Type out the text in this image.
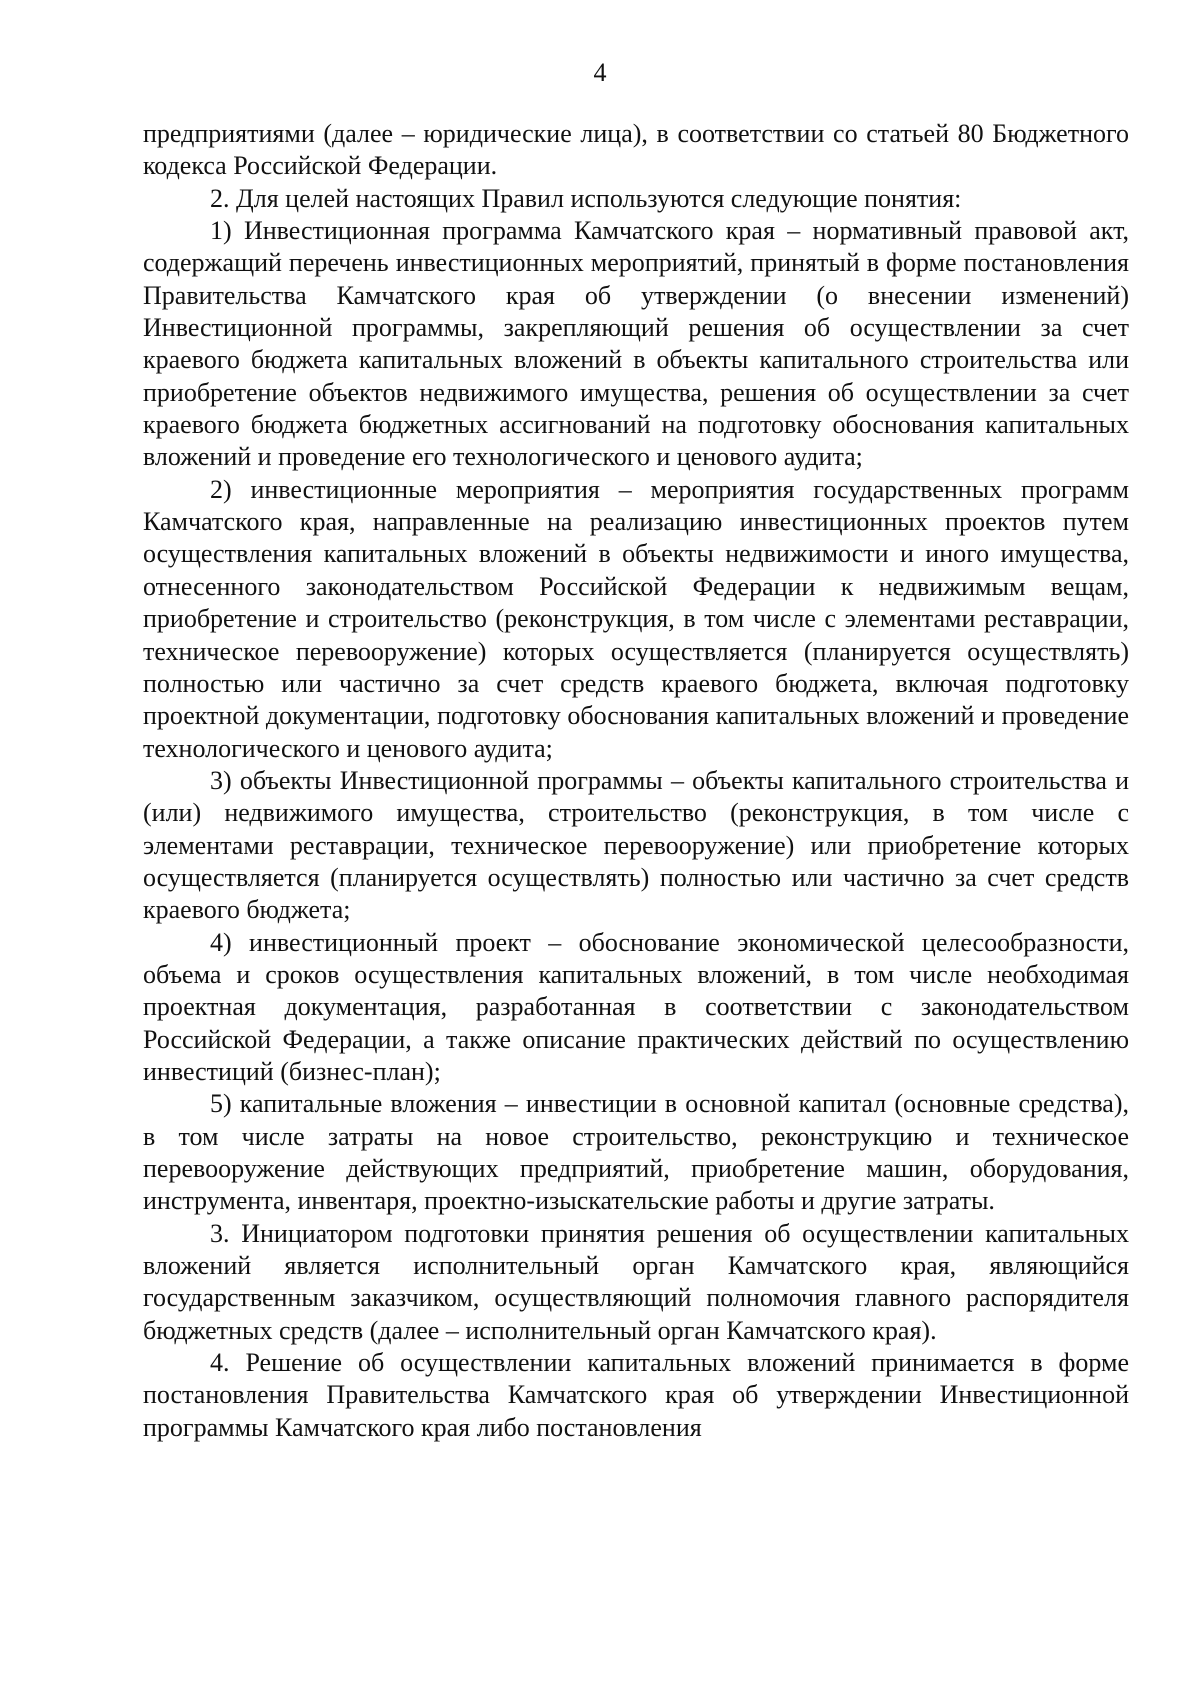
4

предприятиями (далее – юридические лица), в соответствии со статьей 80 Бюджетного кодекса Российской Федерации.

2. Для целей настоящих Правил используются следующие понятия:

1) Инвестиционная программа Камчатского края – нормативный правовой акт, содержащий перечень инвестиционных мероприятий, принятый в форме постановления Правительства Камчатского края об утверждении (о внесении изменений) Инвестиционной программы, закрепляющий решения об осуществлении за счет краевого бюджета капитальных вложений в объекты капитального строительства или приобретение объектов недвижимого имущества, решения об осуществлении за счет краевого бюджета бюджетных ассигнований на подготовку обоснования капитальных вложений и проведение его технологического и ценового аудита;

2) инвестиционные мероприятия – мероприятия государственных программ Камчатского края, направленные на реализацию инвестиционных проектов путем осуществления капитальных вложений в объекты недвижимости и иного имущества, отнесенного законодательством Российской Федерации к недвижимым вещам, приобретение и строительство (реконструкция, в том числе с элементами реставрации, техническое перевооружение) которых осуществляется (планируется осуществлять) полностью или частично за счет средств краевого бюджета, включая подготовку проектной документации, подготовку обоснования капитальных вложений и проведение технологического и ценового аудита;

3) объекты Инвестиционной программы – объекты капитального строительства и (или) недвижимого имущества, строительство (реконструкция, в том числе с элементами реставрации, техническое перевооружение) или приобретение которых осуществляется (планируется осуществлять) полностью или частично за счет средств краевого бюджета;

4) инвестиционный проект – обоснование экономической целесообразности, объема и сроков осуществления капитальных вложений, в том числе необходимая проектная документация, разработанная в соответствии с законодательством Российской Федерации, а также описание практических действий по осуществлению инвестиций (бизнес-план);

5) капитальные вложения – инвестиции в основной капитал (основные средства), в том числе затраты на новое строительство, реконструкцию и техническое перевооружение действующих предприятий, приобретение машин, оборудования, инструмента, инвентаря, проектно-изыскательские работы и другие затраты.

3. Инициатором подготовки принятия решения об осуществлении капитальных вложений является исполнительный орган Камчатского края, являющийся государственным заказчиком, осуществляющий полномочия главного распорядителя бюджетных средств (далее – исполнительный орган Камчатского края).

4. Решение об осуществлении капитальных вложений принимается в форме постановления Правительства Камчатского края об утверждении Инвестиционной программы Камчатского края либо постановления
